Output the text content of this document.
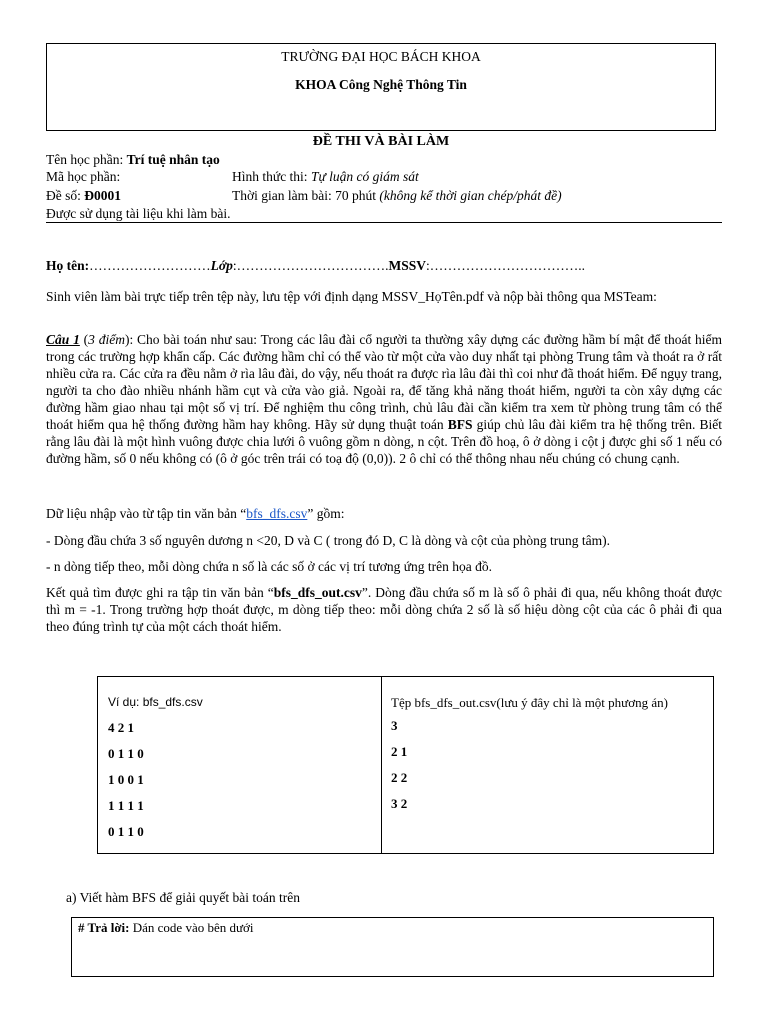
TRƯỜNG ĐẠI HỌC BÁCH KHOA
KHOA Công Nghệ Thông Tin
ĐỀ THI VÀ BÀI LÀM
Tên học phần: Trí tuệ nhân tạo
Mã học phần:	Hình thức thi: Tự luận có giám sát
Đề số: Đ0001	Thời gian làm bài: 70 phút (không kể thời gian chép/phát đề)
Được sử dụng tài liệu khi làm bài.
Họ tên:………………………Lớp:…………………………….MSSV:……………………………..
Sinh viên làm bài trực tiếp trên tệp này, lưu tệp với định dạng MSSV_HọTên.pdf và nộp bài thông qua MSTeam:
Câu 1 (3 điểm): Cho bài toán như sau: Trong các lâu đài cổ người ta thường xây dựng các đường hầm bí mật để thoát hiểm trong các trường hợp khẩn cấp. Các đường hầm chỉ có thể vào từ một cửa vào duy nhất tại phòng Trung tâm và thoát ra ở rất nhiều cửa ra. Các cửa ra đều nằm ở rìa lâu đài, do vậy, nếu thoát ra được rìa lâu đài thì coi như đã thoát hiểm. Để ngụy trang, người ta cho đào nhiều nhánh hầm cụt và cửa vào giả. Ngoài ra, để tăng khả năng thoát hiểm, người ta còn xây dựng các đường hầm giao nhau tại một số vị trí. Để nghiệm thu công trình, chủ lâu đài cần kiểm tra xem từ phòng trung tâm có thể thoát hiểm qua hệ thống đường hầm hay không. Hãy sử dụng thuật toán BFS giúp chủ lâu đài kiểm tra hệ thống trên. Biết rằng lâu đài là một hình vuông được chia lưới ô vuông gồm n dòng, n cột. Trên đồ hoạ, ô ở dòng i cột j được ghi số 1 nếu có đường hầm, số 0 nếu không có (ô ở góc trên trái có toạ độ (0,0)). 2 ô chỉ có thể thông nhau nếu chúng có chung cạnh.
Dữ liệu nhập vào từ tập tin văn bản “bfs_dfs.csv” gồm:
- Dòng đầu chứa 3 số nguyên dương n <20, D và C ( trong đó D, C là dòng và cột của phòng trung tâm).
- n dòng tiếp theo, mỗi dòng chứa n số là các số ở các vị trí tương ứng trên họa đồ.
Kết quả tìm được ghi ra tập tin văn bản “bfs_dfs_out.csv”. Dòng đầu chứa số m là số ô phải đi qua, nếu không thoát được thì m = -1. Trong trường hợp thoát được, m dòng tiếp theo: mỗi dòng chứa 2 số là số hiệu dòng cột của các ô phải đi qua theo đúng trình tự của một cách thoát hiểm.
Ví dụ: bfs_dfs.csv
4 2 1
0 1 1 0
1 0 0 1
1 1 1 1
0 1 1 0
Tệp bfs_dfs_out.csv(lưu ý đây chỉ là một phương án)
3
2 1
2 2
3 2
a) Viết hàm BFS để giải quyết bài toán trên
# Trả lời: Dán code vào bên dưới
